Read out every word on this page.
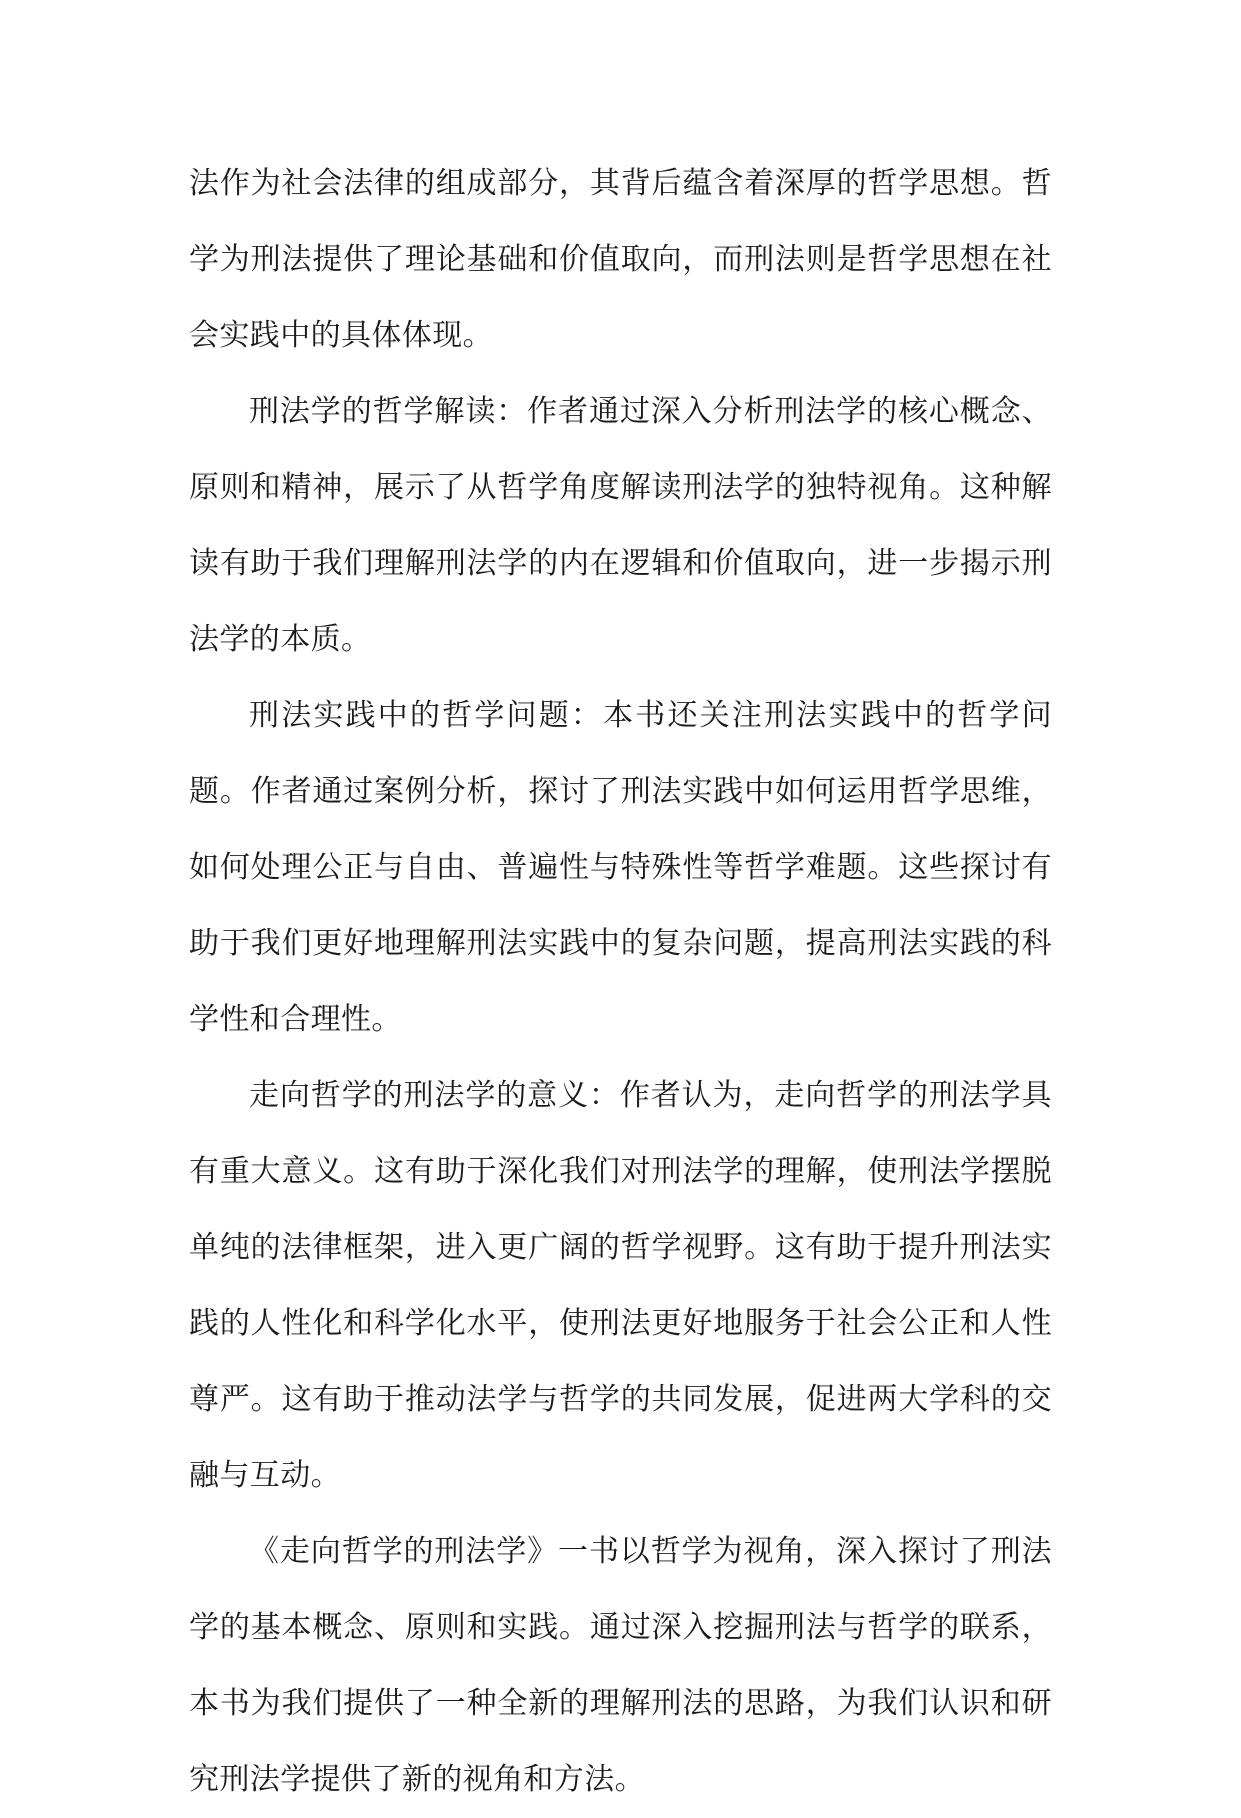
法作为社会法律的组成部分，其背后蕴含着深厚的哲学思想。哲学为刑法提供了理论基础和价值取向，而刑法则是哲学思想在社会实践中的具体体现。

刑法学的哲学解读：作者通过深入分析刑法学的核心概念、原则和精神，展示了从哲学角度解读刑法学的独特视角。这种解读有助于我们理解刑法学的内在逻辑和价值取向，进一步揭示刑法学的本质。

刑法实践中的哲学问题：本书还关注刑法实践中的哲学问题。作者通过案例分析，探讨了刑法实践中如何运用哲学思维，如何处理公正与自由、普遍性与特殊性等哲学难题。这些探讨有助于我们更好地理解刑法实践中的复杂问题，提高刑法实践的科学性和合理性。

走向哲学的刑法学的意义：作者认为，走向哲学的刑法学具有重大意义。这有助于深化我们对刑法学的理解，使刑法学摆脱单纯的法律框架，进入更广阔的哲学视野。这有助于提升刑法实践的人性化和科学化水平，使刑法更好地服务于社会公正和人性尊严。这有助于推动法学与哲学的共同发展，促进两大学科的交融与互动。

《走向哲学的刑法学》一书以哲学为视角，深入探讨了刑法学的基本概念、原则和实践。通过深入挖掘刑法与哲学的联系，本书为我们提供了一种全新的理解刑法的思路，为我们认识和研究刑法学提供了新的视角和方法。
